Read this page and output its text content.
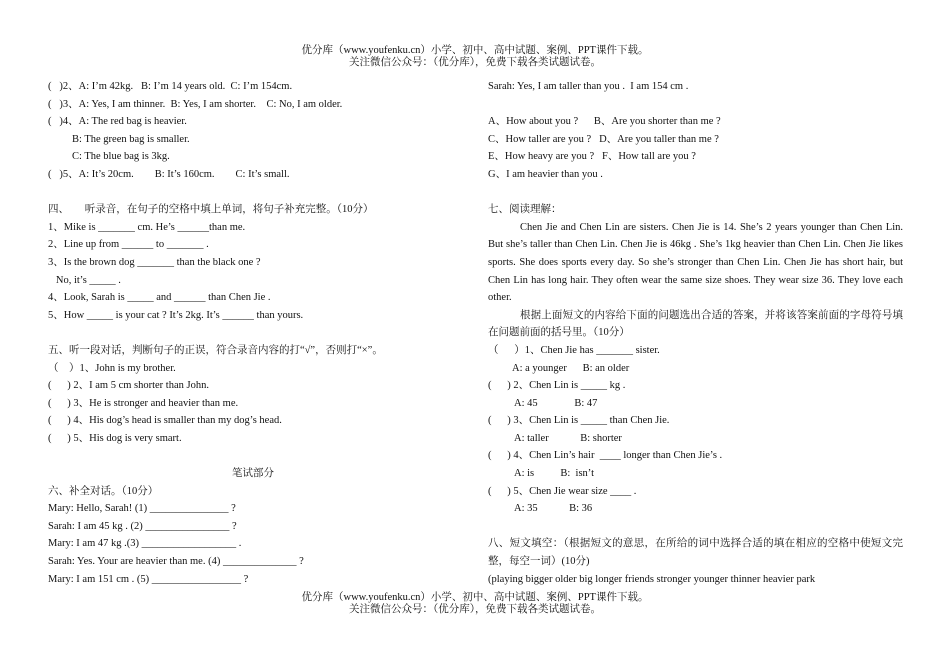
优分库（www.youfenku.cn）小学、初中、高中试题、案例、PPT课件下载。
关注微信公众号：（优分库），免费下载各类试题试卷。
(   )2、A: I’m 42kg.   B: I’m 14 years old.  C: I’m 154cm.
(   )3、A: Yes, I am thinner.  B: Yes, I am shorter.    C: No, I am older.
(   )4、A: The red bag is heavier.
B: The green bag is smaller.
C: The blue bag is 3kg.
(   )5、A: It’s 20cm.        B: It’s 160cm.        C: It’s small.
四、      听录音，在句子的空格中填上单词，将句子补充完整。（10分）
1、Mike is _______ cm. He’s ______than me.
2、Line up from ______ to _______ .
3、Is the brown dog _______ than the black one ?
No, it’s _____ .
4、Look, Sarah is _____ and ______ than Chen Jie .
5、How _____ is your cat ? It’s 2kg. It’s ______ than yours.
五、听一段对话，判断句子的正误，符合录音内容的打“√”，否则打“×”。
（    ）1、John is my brother.
(      ) 2、I am 5 cm shorter than John.
(      ) 3、He is stronger and heavier than me.
(      ) 4、His dog’s head is smaller than my dog’s head.
(      ) 5、His dog is very smart.
笔试部分
六、补全对话。（10分）
Mary: Hello, Sarah! (1) _______________ ?
Sarah: I am 45 kg . (2) ________________ ?
Mary: I am 47 kg .(3) __________________ .
Sarah: Yes. Your are heavier than me. (4) ______________ ?
Mary: I am 151 cm . (5) _________________ ?
Sarah: Yes, I am taller than you .  I am 154 cm .
A、How about you ?      B、Are you shorter than me ?
C、How taller are you ?   D、Are you taller than me ?
E、How heavy are you ?   F、How tall are you ?
G、I am heavier than you .
七、阅读理解：
Chen Jie and Chen Lin are sisters. Chen Jie is 14. She’s 2 years younger than Chen Lin. But she’s taller than Chen Lin. Chen Jie is 46kg . She’s 1kg heavier than Chen Lin. Chen Jie likes sports. She does sports every day. So she’s stronger than Chen Lin. Chen Jie has short hair, but Chen Lin has long hair. They often wear the same size shoes. They wear size 36. They love each other.
根据上面短文的内容给下面的问题选出合适的答案，并将该答案前面的字母符号填在问题前面的括号里。（10分）
（      ）1、Chen Jie has _______ sister.
A: a younger      B: an older
(      ) 2、Chen Lin is _____ kg .
A: 45              B: 47
(      ) 3、Chen Lin is _____ than Chen Jie.
A: taller            B: shorter
(      ) 4、Chen Lin’s hair  ____ longer than Chen Jie’s .
A: is          B:  isn’t
(      ) 5、Chen Jie wear size ____ .
A: 35            B: 36
八、短文填空：（根据短文的意思，在所给的词中选择合适的填在相应的空格中使短文完整，每空一词）(10分)
(playing bigger older big longer friends stronger younger thinner heavier park
优分库（www.youfenku.cn）小学、初中、高中试题、案例、PPT课件下载。
关注微信公众号：（优分库），免费下载各类试题试卷。
